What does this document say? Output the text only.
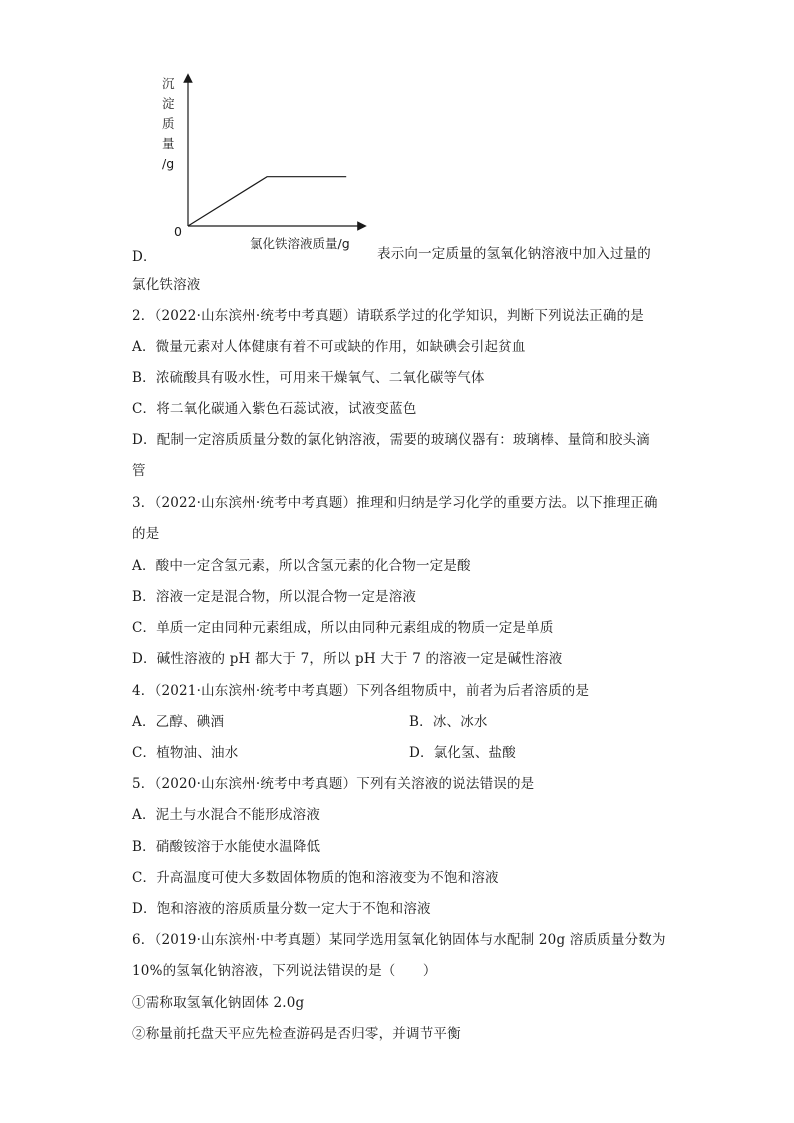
沉
淀
质
量
/g
0
氯化铁溶液质量/g
D．	表示向一定质量的氢氧化钠溶液中加入过量的
氯化铁溶液
2．（2022·山东滨州·统考中考真题）请联系学过的化学知识，判断下列说法正确的是
A．微量元素对人体健康有着不可或缺的作用，如缺碘会引起贫血
B．浓硫酸具有吸水性，可用来干燥氧气、二氧化碳等气体
C．将二氧化碳通入紫色石蕊试液，试液变蓝色
D．配制一定溶质质量分数的氯化钠溶液，需要的玻璃仪器有：玻璃棒、量筒和胶头滴
管
3．（2022·山东滨州·统考中考真题）推理和归纳是学习化学的重要方法。以下推理正确
的是
A．酸中一定含氢元素，所以含氢元素的化合物一定是酸
B．溶液一定是混合物，所以混合物一定是溶液
C．单质一定由同种元素组成，所以由同种元素组成的物质一定是单质
D．碱性溶液的 pH 都大于 7，所以 pH 大于 7 的溶液一定是碱性溶液
4．（2021·山东滨州·统考中考真题）下列各组物质中，前者为后者溶质的是
A．乙醇、碘酒	B．冰、冰水
C．植物油、油水	D．氯化氢、盐酸
5．（2020·山东滨州·统考中考真题）下列有关溶液的说法错误的是
A．泥土与水混合不能形成溶液
B．硝酸铵溶于水能使水温降低
C．升高温度可使大多数固体物质的饱和溶液变为不饱和溶液
D．饱和溶液的溶质质量分数一定大于不饱和溶液
6．（2019·山东滨州·中考真题）某同学选用氢氧化钠固体与水配制 20g 溶质质量分数为
10%的氢氧化钠溶液，下列说法错误的是（　　）
①需称取氢氧化钠固体 2.0g
②称量前托盘天平应先检查游码是否归零，并调节平衡
